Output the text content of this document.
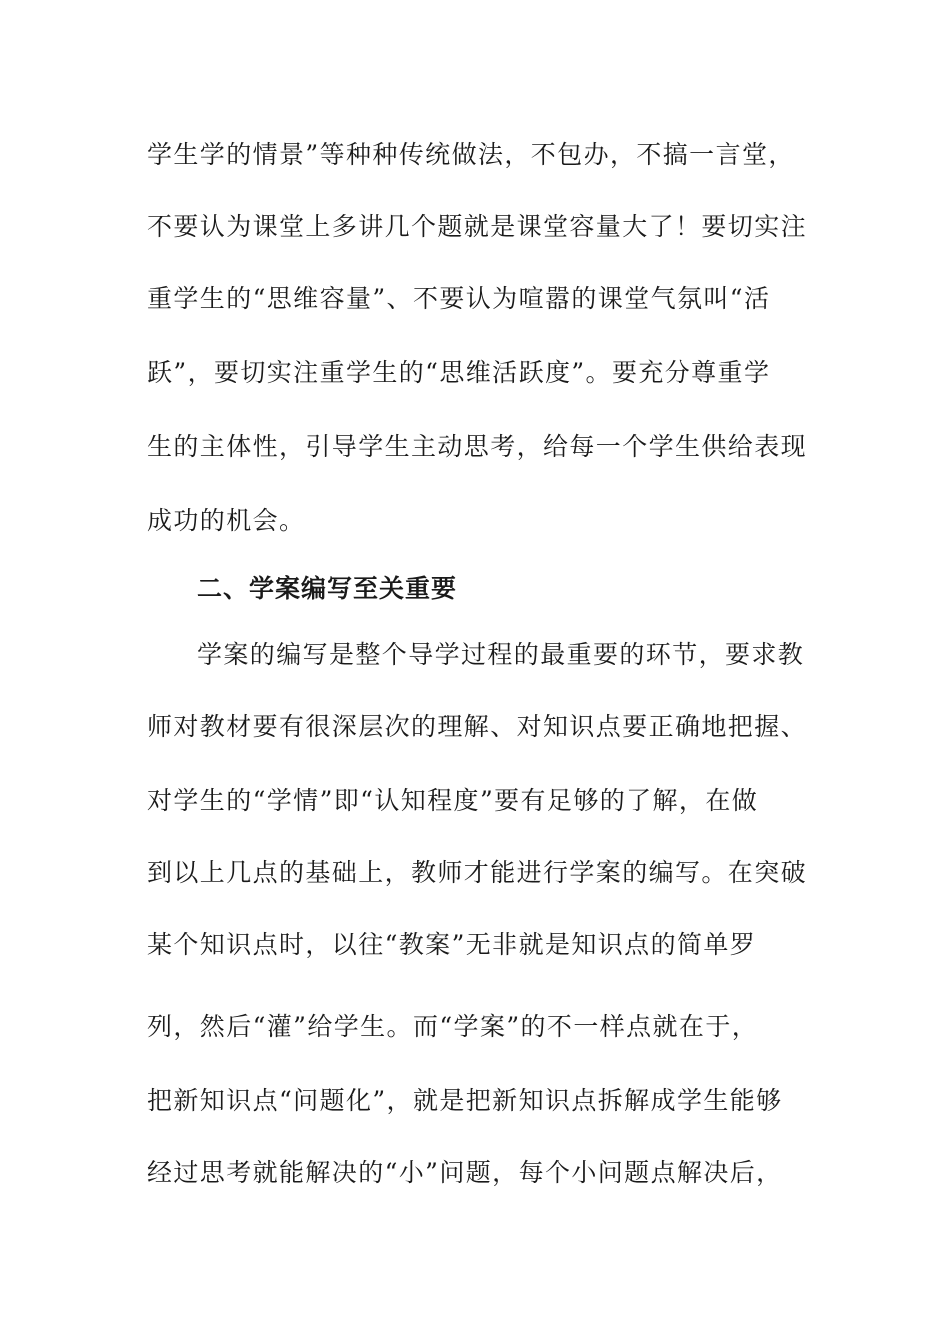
学生学的情景”等种种传统做法，不包办，不搞一言堂，
不要认为课堂上多讲几个题就是课堂容量大了！要切实注
重学生的“思维容量”、不要认为喧嚣的课堂气氛叫“活
跃”，要切实注重学生的“思维活跃度”。要充分尊重学
生的主体性，引导学生主动思考，给每一个学生供给表现
成功的机会。
二、学案编写至关重要
学案的编写是整个导学过程的最重要的环节，要求教
师对教材要有很深层次的理解、对知识点要正确地把握、
对学生的“学情”即“认知程度”要有足够的了解，在做
到以上几点的基础上，教师才能进行学案的编写。在突破
某个知识点时，以往“教案”无非就是知识点的简单罗
列，然后“灌”给学生。而“学案”的不一样点就在于，
把新知识点“问题化”，就是把新知识点拆解成学生能够
经过思考就能解决的“小”问题，每个小问题点解决后，
